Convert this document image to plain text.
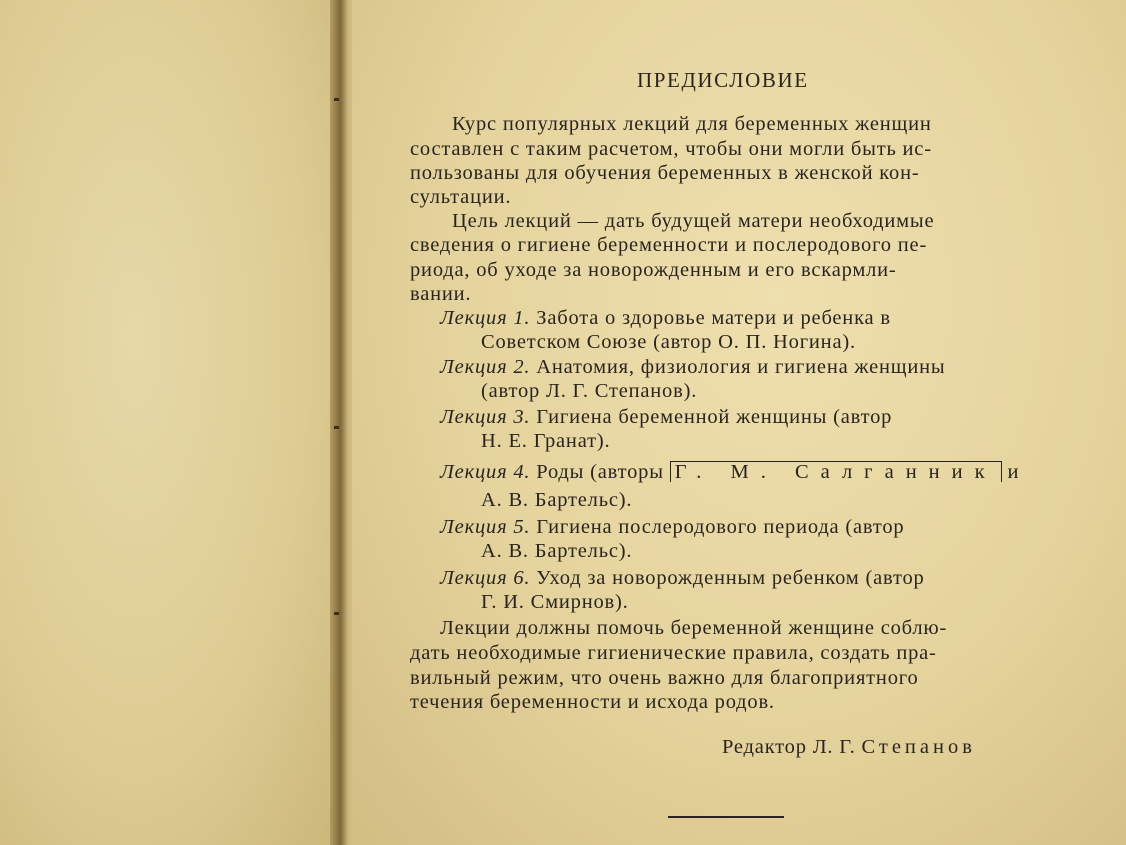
ПРЕДИСЛОВИЕ
Курс популярных лекций для беременных женщин
составлен с таким расчетом, чтобы они могли быть ис-
пользованы для обучения беременных в женской кон-
сультации.
Цель лекций — дать будущей матери необходимые
сведения о гигиене беременности и послеродового пе-
риода, об уходе за новорожденным и его вскармли-
вании.
Лекция 1. Забота о здоровье матери и ребенка в
Советском Союзе (автор О. П. Ногина).
Лекция 2. Анатомия, физиология и гигиена женщины
(автор Л. Г. Степанов).
Лекция 3. Гигиена беременной женщины (автор
Н. Е. Гранат).
Лекция 4. Роды (авторы Г. М. Салганник и
А. В. Бартельс).
Лекция 5. Гигиена послеродового периода (автор
А. В. Бартельс).
Лекция 6. Уход за новорожденным ребенком (автор
Г. И. Смирнов).
Лекции должны помочь беременной женщине соблю-
дать необходимые гигиенические правила, создать пра-
вильный режим, что очень важно для благоприятного
течения беременности и исхода родов.
Редактор Л. Г. Степанов
